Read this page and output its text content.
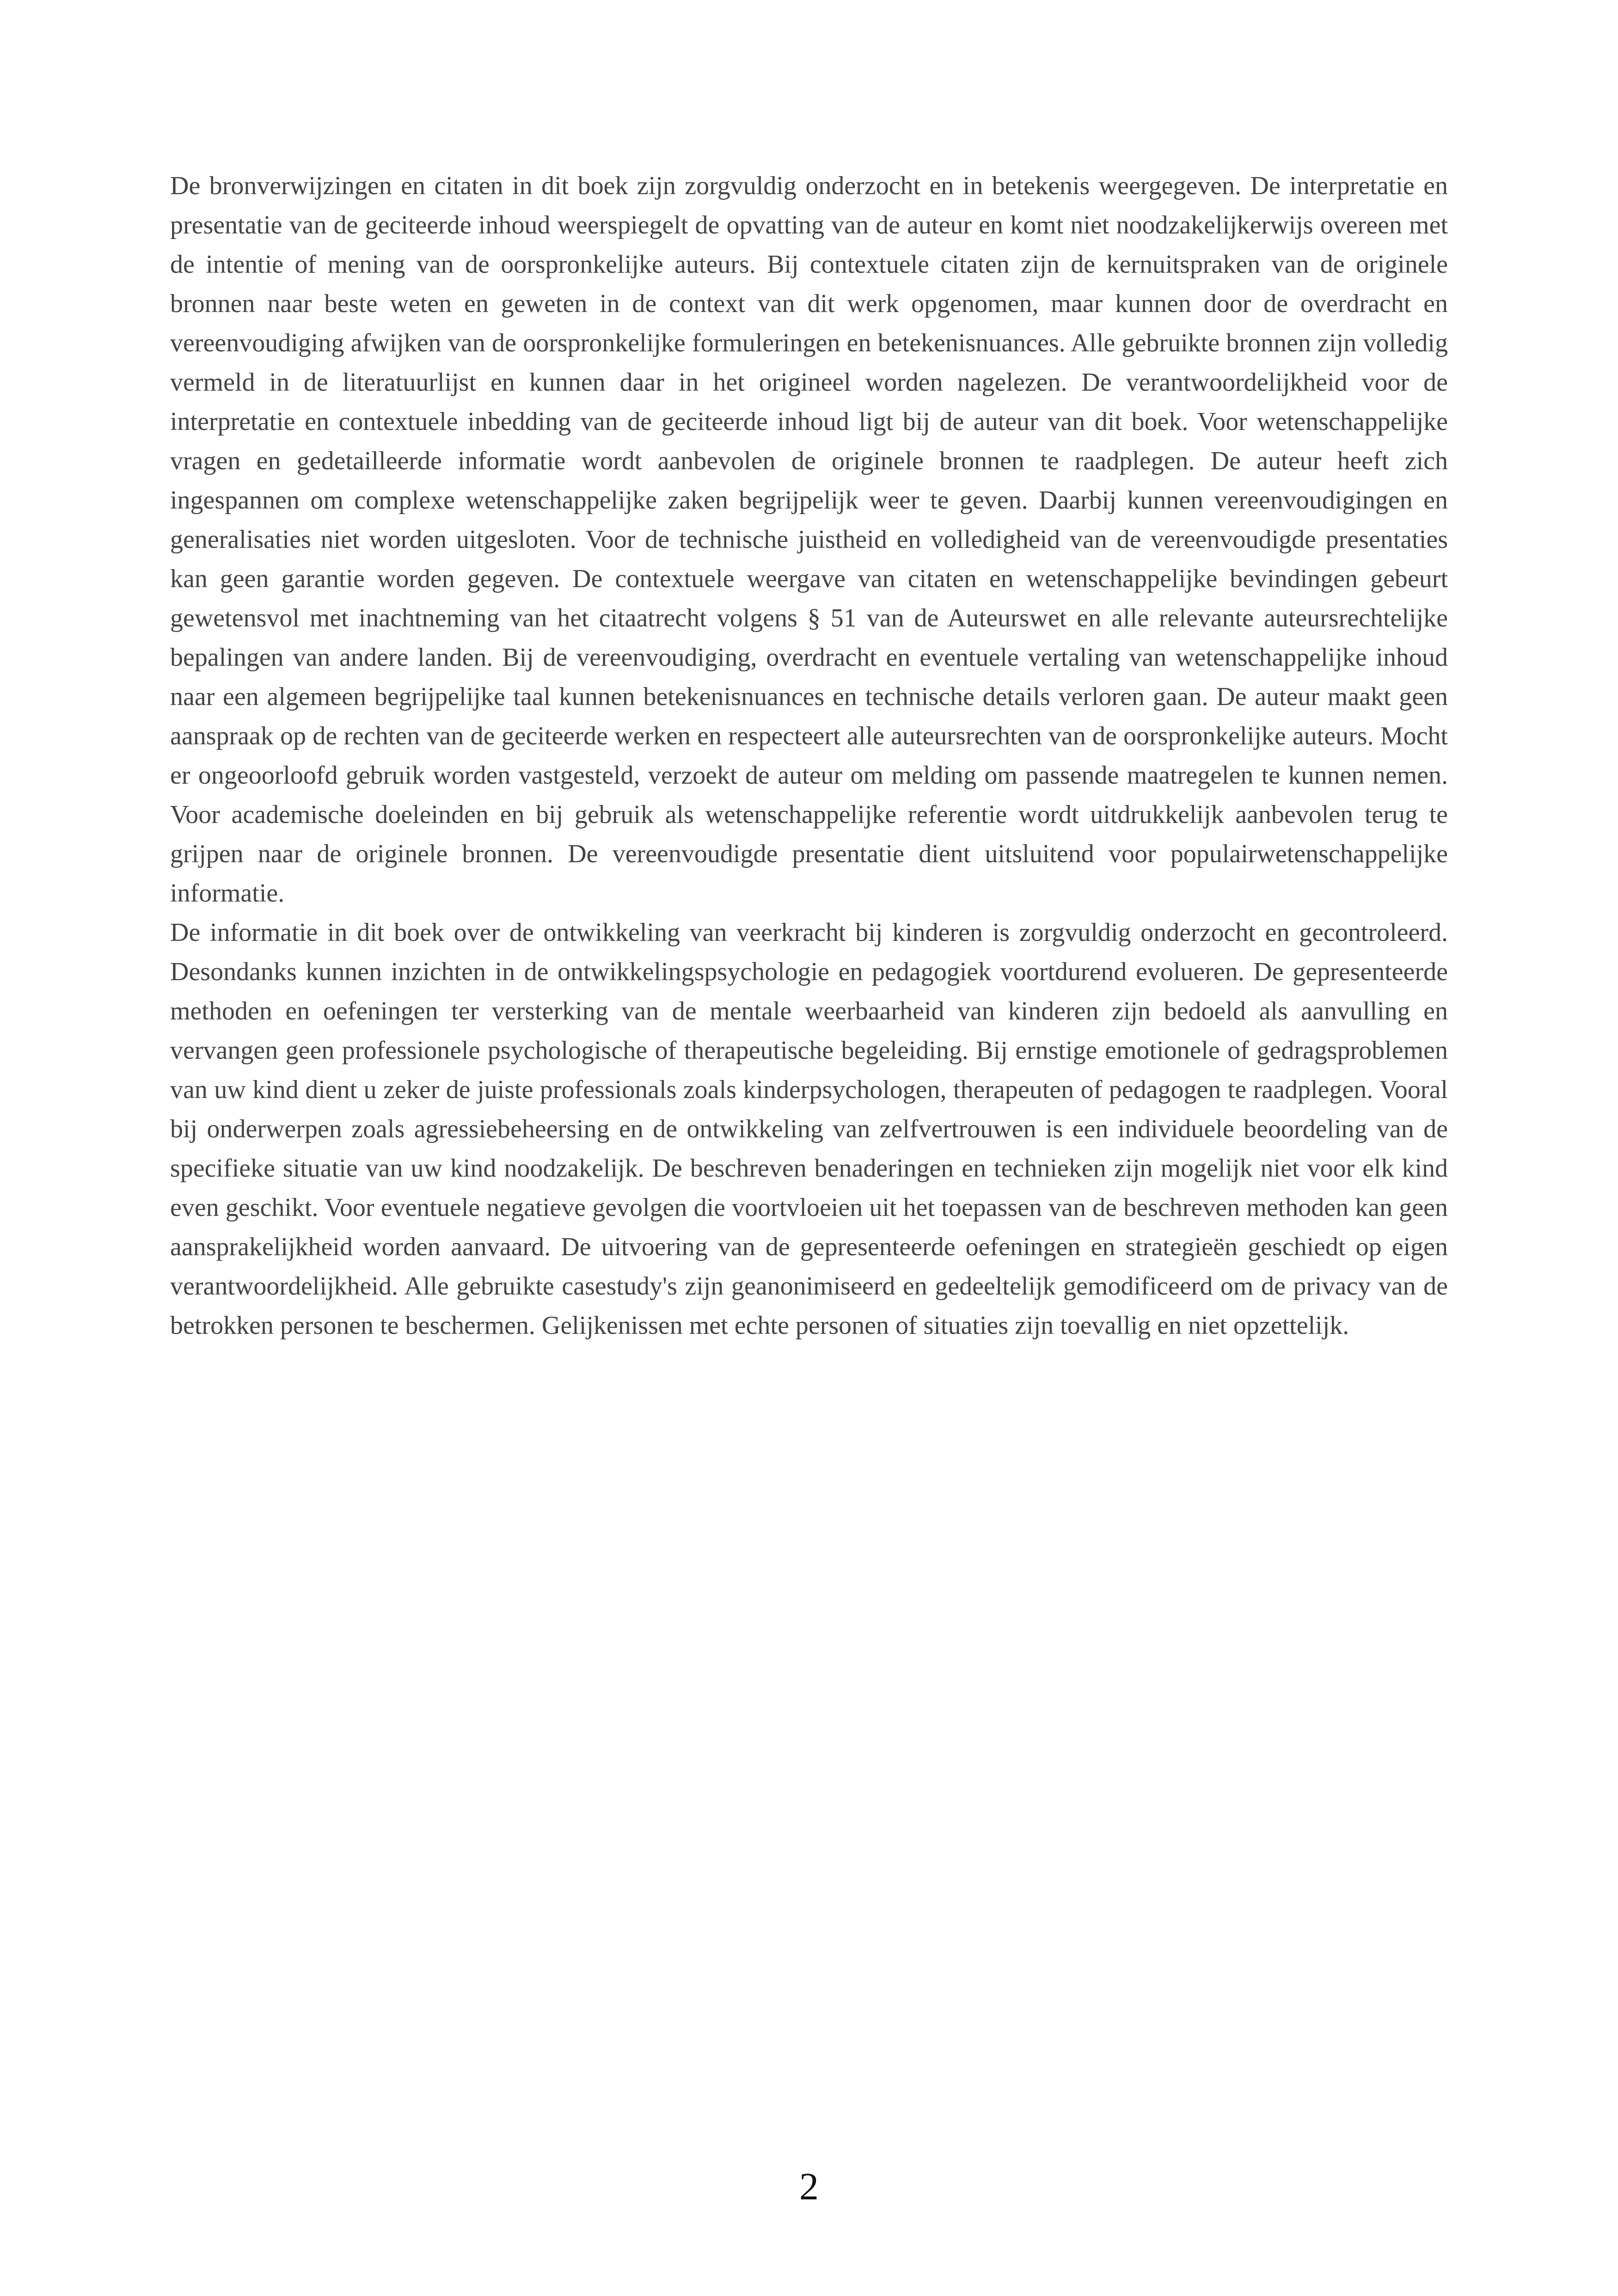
De bronverwijzingen en citaten in dit boek zijn zorgvuldig onderzocht en in betekenis weergegeven. De interpretatie en presentatie van de geciteerde inhoud weerspiegelt de opvatting van de auteur en komt niet noodzakelijkerwijs overeen met de intentie of mening van de oorspronkelijke auteurs. Bij contextuele citaten zijn de kernuitspraken van de originele bronnen naar beste weten en geweten in de context van dit werk opgenomen, maar kunnen door de overdracht en vereenvoudiging afwijken van de oorspronkelijke formuleringen en betekenisnuances. Alle gebruikte bronnen zijn volledig vermeld in de literatuurlijst en kunnen daar in het origineel worden nagelezen. De verantwoordelijkheid voor de interpretatie en contextuele inbedding van de geciteerde inhoud ligt bij de auteur van dit boek. Voor wetenschappelijke vragen en gedetailleerde informatie wordt aanbevolen de originele bronnen te raadplegen. De auteur heeft zich ingespannen om complexe wetenschappelijke zaken begrijpelijk weer te geven. Daarbij kunnen vereenvoudigingen en generalisaties niet worden uitgesloten. Voor de technische juistheid en volledigheid van de vereenvoudigde presentaties kan geen garantie worden gegeven. De contextuele weergave van citaten en wetenschappelijke bevindingen gebeurt gewetensvol met inachtneming van het citaatrecht volgens § 51 van de Auteurswet en alle relevante auteursrechtelijke bepalingen van andere landen. Bij de vereenvoudiging, overdracht en eventuele vertaling van wetenschappelijke inhoud naar een algemeen begrijpelijke taal kunnen betekenisnuances en technische details verloren gaan. De auteur maakt geen aanspraak op de rechten van de geciteerde werken en respecteert alle auteursrechten van de oorspronkelijke auteurs. Mocht er ongeoorloofd gebruik worden vastgesteld, verzoekt de auteur om melding om passende maatregelen te kunnen nemen. Voor academische doeleinden en bij gebruik als wetenschappelijke referentie wordt uitdrukkelijk aanbevolen terug te grijpen naar de originele bronnen. De vereenvoudigde presentatie dient uitsluitend voor populairwetenschappelijke informatie.

De informatie in dit boek over de ontwikkeling van veerkracht bij kinderen is zorgvuldig onderzocht en gecontroleerd. Desondanks kunnen inzichten in de ontwikkelingspsychologie en pedagogiek voortdurend evolueren. De gepresenteerde methoden en oefeningen ter versterking van de mentale weerbaarheid van kinderen zijn bedoeld als aanvulling en vervangen geen professionele psychologische of therapeutische begeleiding. Bij ernstige emotionele of gedragsproblemen van uw kind dient u zeker de juiste professionals zoals kinderpsychologen, therapeuten of pedagogen te raadplegen. Vooral bij onderwerpen zoals agressiebeheersing en de ontwikkeling van zelfvertrouwen is een individuele beoordeling van de specifieke situatie van uw kind noodzakelijk. De beschreven benaderingen en technieken zijn mogelijk niet voor elk kind even geschikt. Voor eventuele negatieve gevolgen die voortvloeien uit het toepassen van de beschreven methoden kan geen aansprakelijkheid worden aanvaard. De uitvoering van de gepresenteerde oefeningen en strategieën geschiedt op eigen verantwoordelijkheid. Alle gebruikte casestudy's zijn geanonimiseerd en gedeeltelijk gemodificeerd om de privacy van de betrokken personen te beschermen. Gelijkenissen met echte personen of situaties zijn toevallig en niet opzettelijk.

2
